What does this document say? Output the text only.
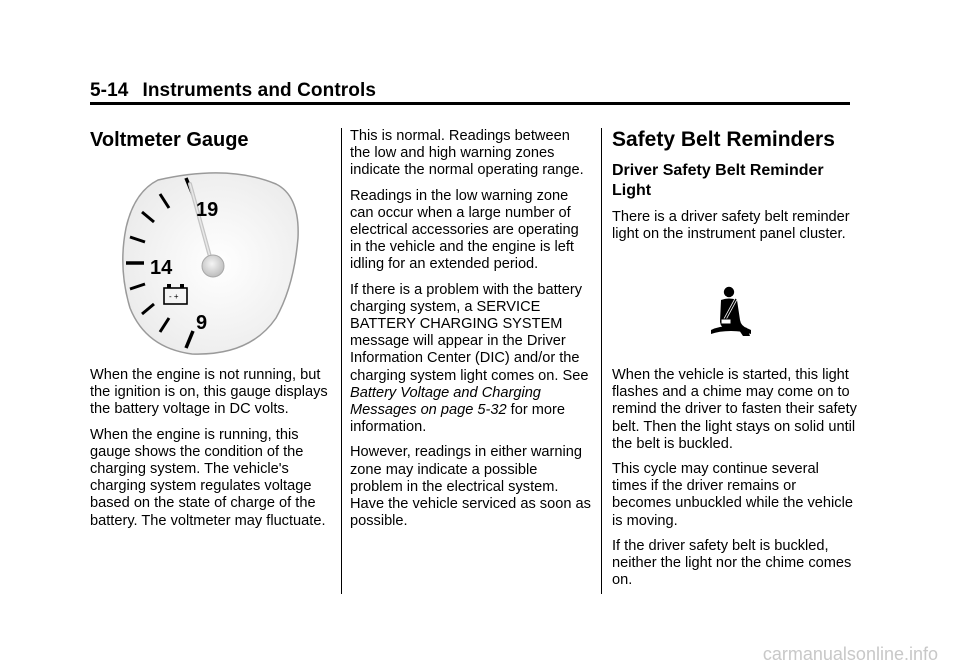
5-14 Instruments and Controls
Voltmeter Gauge
19
14
9
- +

When the engine is not running, but the ignition is on, this gauge displays the battery voltage in DC volts.

When the engine is running, this gauge shows the condition of the charging system. The vehicle's charging system regulates voltage based on the state of charge of the battery. The voltmeter may fluctuate.

This is normal. Readings between the low and high warning zones indicate the normal operating range.

Readings in the low warning zone can occur when a large number of electrical accessories are operating in the vehicle and the engine is left idling for an extended period.

If there is a problem with the battery charging system, a SERVICE BATTERY CHARGING SYSTEM message will appear in the Driver Information Center (DIC) and/or the charging system light comes on. See Battery Voltage and Charging Messages on page 5-32 for more information.

However, readings in either warning zone may indicate a possible problem in the electrical system. Have the vehicle serviced as soon as possible.

Safety Belt Reminders
Driver Safety Belt Reminder Light

There is a driver safety belt reminder light on the instrument panel cluster.

When the vehicle is started, this light flashes and a chime may come on to remind the driver to fasten their safety belt. Then the light stays on solid until the belt is buckled.

This cycle may continue several times if the driver remains or becomes unbuckled while the vehicle is moving.

If the driver safety belt is buckled, neither the light nor the chime comes on.

carmanualsonline.info
